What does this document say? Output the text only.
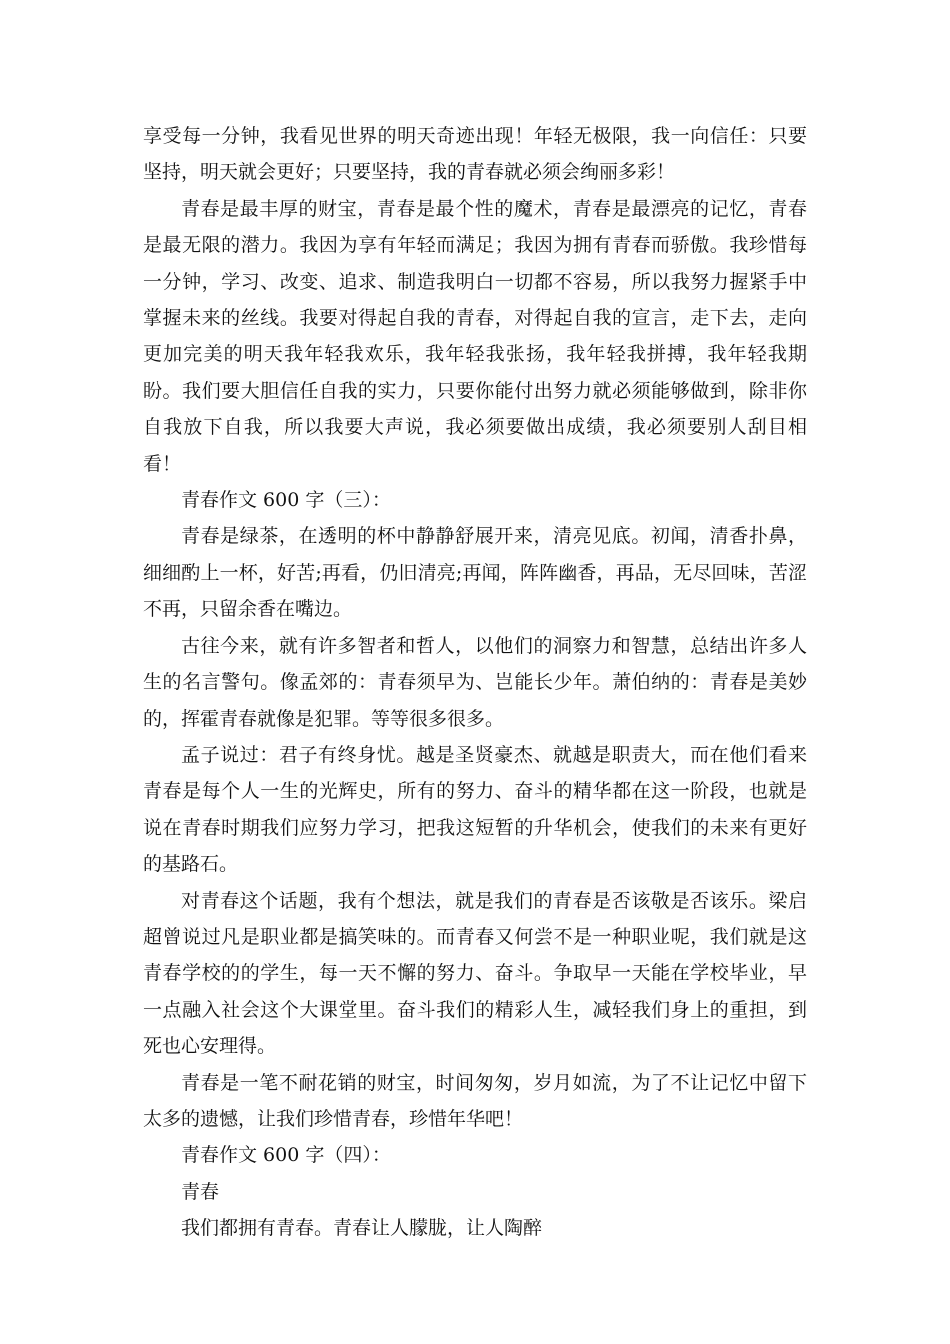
享受每一分钟，我看见世界的明天奇迹出现！年轻无极限，我一向信任：只要坚持，明天就会更好；只要坚持，我的青春就必须会绚丽多彩！

青春是最丰厚的财宝，青春是最个性的魔术，青春是最漂亮的记忆，青春是最无限的潜力。我因为享有年轻而满足；我因为拥有青春而骄傲。我珍惜每一分钟，学习、改变、追求、制造我明白一切都不容易，所以我努力握紧手中掌握未来的丝线。我要对得起自我的青春，对得起自我的宣言，走下去，走向更加完美的明天我年轻我欢乐，我年轻我张扬，我年轻我拼搏，我年轻我期盼。我们要大胆信任自我的实力，只要你能付出努力就必须能够做到，除非你自我放下自我，所以我要大声说，我必须要做出成绩，我必须要别人刮目相看！

青春作文 600 字（三）：

青春是绿茶，在透明的杯中静静舒展开来，清亮见底。初闻，清香扑鼻，细细酌上一杯，好苦;再看，仍旧清亮;再闻，阵阵幽香，再品，无尽回味，苦涩不再，只留余香在嘴边。

古往今来，就有许多智者和哲人，以他们的洞察力和智慧，总结出许多人生的名言警句。像孟郊的：青春须早为、岂能长少年。萧伯纳的：青春是美妙的，挥霍青春就像是犯罪。等等很多很多。

孟子说过：君子有终身忧。越是圣贤豪杰、就越是职责大，而在他们看来青春是每个人一生的光辉史，所有的努力、奋斗的精华都在这一阶段，也就是说在青春时期我们应努力学习，把我这短暂的升华机会，使我们的未来有更好的基路石。

对青春这个话题，我有个想法，就是我们的青春是否该敬是否该乐。梁启超曾说过凡是职业都是搞笑味的。而青春又何尝不是一种职业呢，我们就是这青春学校的的学生，每一天不懈的努力、奋斗。争取早一天能在学校毕业，早一点融入社会这个大课堂里。奋斗我们的精彩人生，减轻我们身上的重担，到死也心安理得。

青春是一笔不耐花销的财宝，时间匆匆，岁月如流，为了不让记忆中留下太多的遗憾，让我们珍惜青春，珍惜年华吧！

青春作文 600 字（四）：

青春

我们都拥有青春。青春让人朦胧，让人陶醉
